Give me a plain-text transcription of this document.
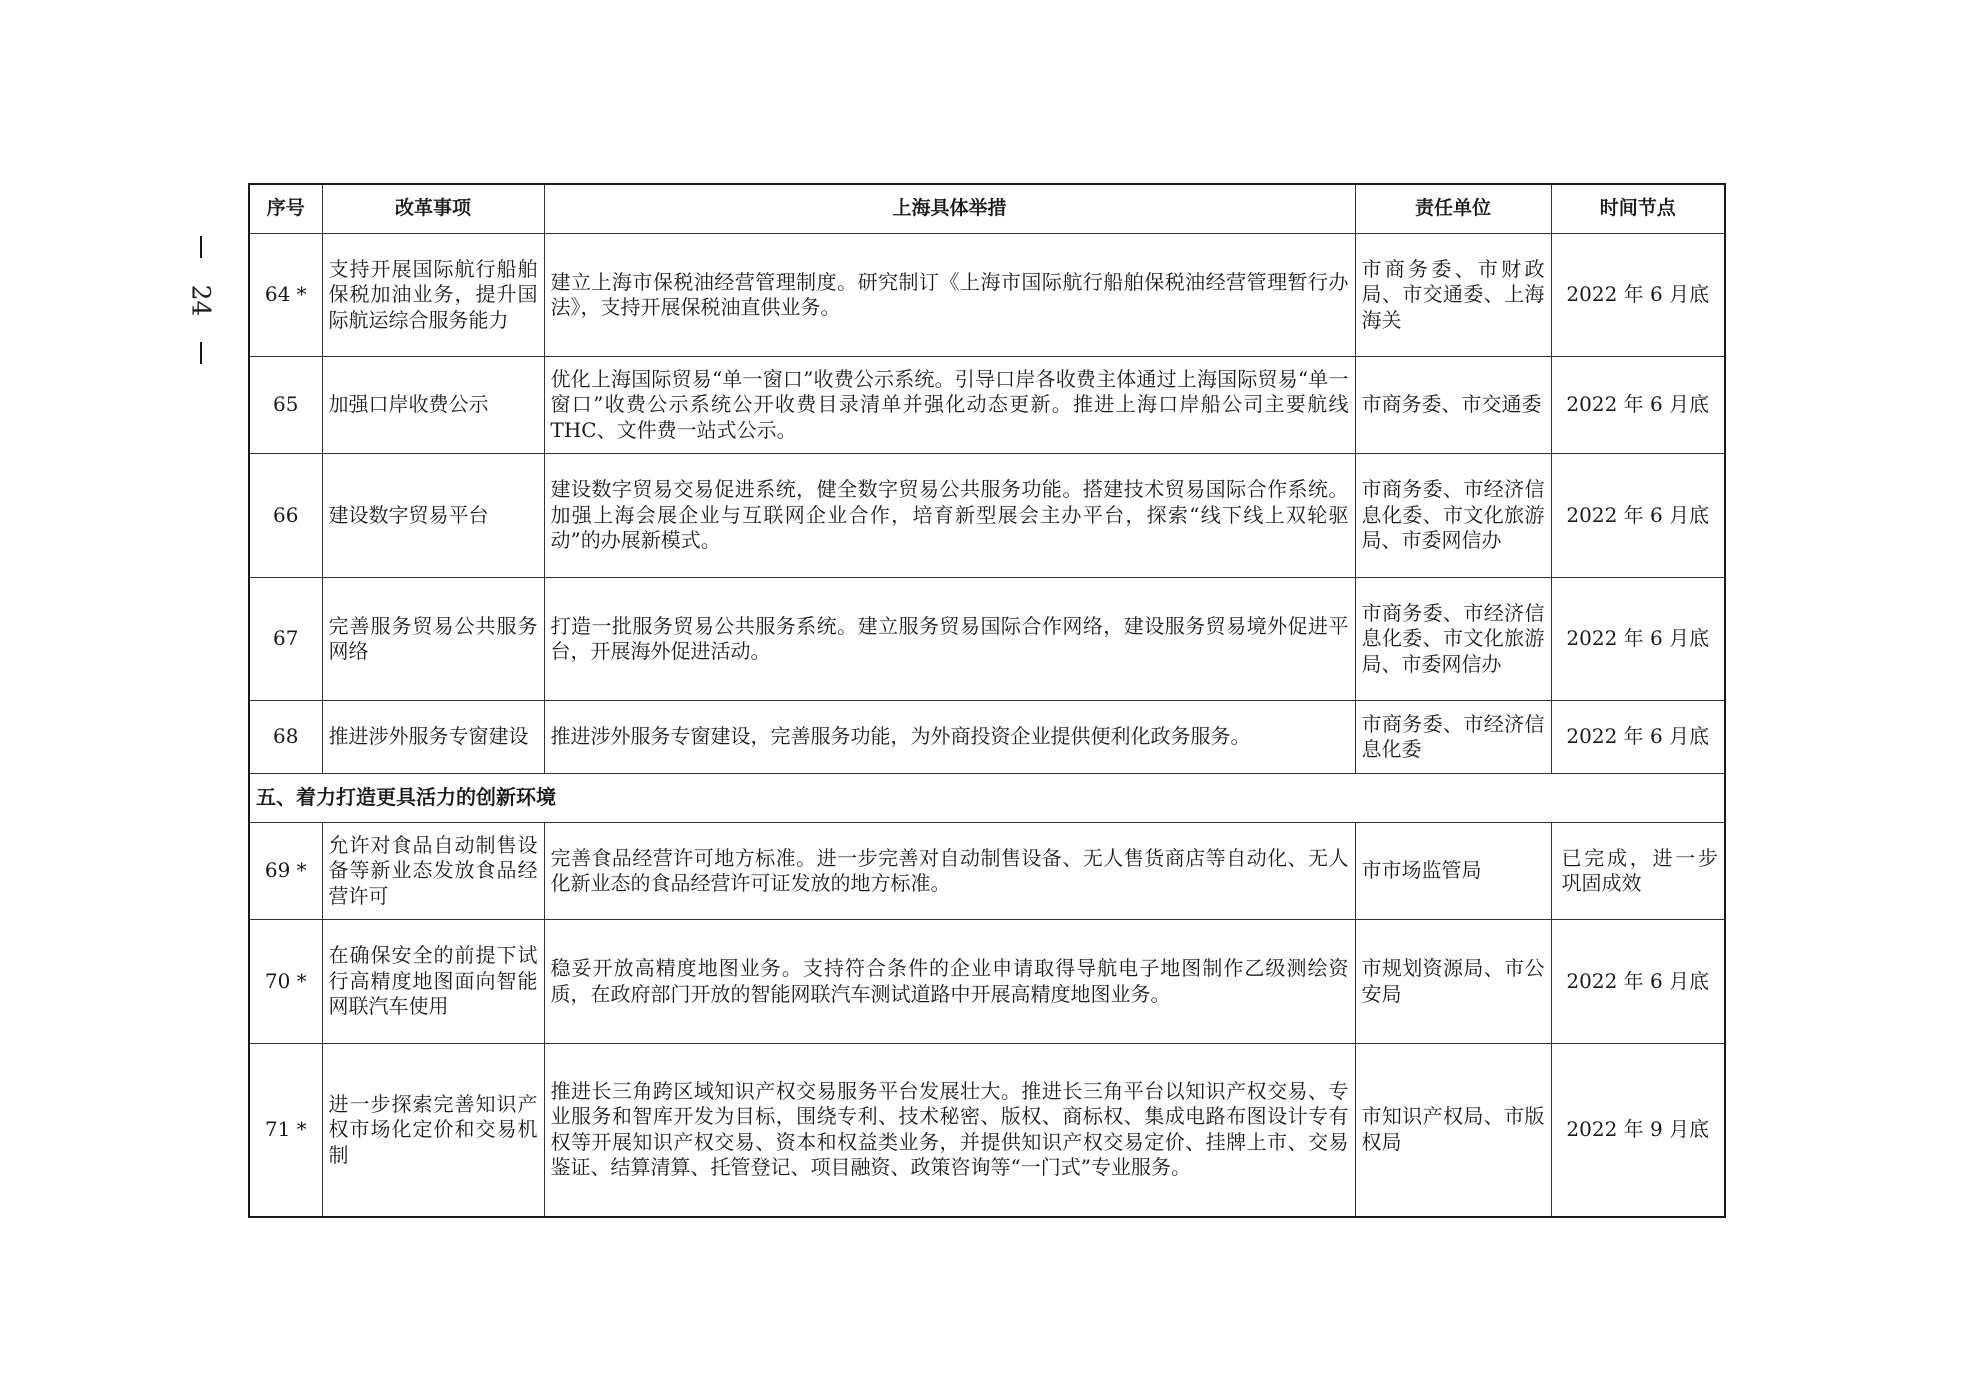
24
序号	改革事项	上海具体举措	责任单位	时间节点
64 *	支持开展国际航行船舶保税加油业务，提升国际航运综合服务能力	建立上海市保税油经营管理制度。研究制订《上海市国际航行船舶保税油经营管理暂行办法》，支持开展保税油直供业务。	市商务委、市财政局、市交通委、上海海关	2022 年 6 月底
65	加强口岸收费公示	优化上海国际贸易“单一窗口”收费公示系统。引导口岸各收费主体通过上海国际贸易“单一窗口”收费公示系统公开收费目录清单并强化动态更新。推进上海口岸船公司主要航线 THC、文件费一站式公示。	市商务委、市交通委	2022 年 6 月底
66	建设数字贸易平台	建设数字贸易交易促进系统，健全数字贸易公共服务功能。搭建技术贸易国际合作系统。加强上海会展企业与互联网企业合作，培育新型展会主办平台，探索“线下线上双轮驱动”的办展新模式。	市商务委、市经济信息化委、市文化旅游局、市委网信办	2022 年 6 月底
67	完善服务贸易公共服务网络	打造一批服务贸易公共服务系统。建立服务贸易国际合作网络，建设服务贸易境外促进平台，开展海外促进活动。	市商务委、市经济信息化委、市文化旅游局、市委网信办	2022 年 6 月底
68	推进涉外服务专窗建设	推进涉外服务专窗建设，完善服务功能，为外商投资企业提供便利化政务服务。	市商务委、市经济信息化委	2022 年 6 月底
五、着力打造更具活力的创新环境				
69 *	允许对食品自动制售设备等新业态发放食品经营许可	完善食品经营许可地方标准。进一步完善对自动制售设备、无人售货商店等自动化、无人化新业态的食品经营许可证发放的地方标准。	市市场监管局	已完成，进一步巩固成效
70 *	在确保安全的前提下试行高精度地图面向智能网联汽车使用	稳妥开放高精度地图业务。支持符合条件的企业申请取得导航电子地图制作乙级测绘资质，在政府部门开放的智能网联汽车测试道路中开展高精度地图业务。	市规划资源局、市公安局	2022 年 6 月底
71 *	进一步探索完善知识产权市场化定价和交易机制	推进长三角跨区域知识产权交易服务平台发展壮大。推进长三角平台以知识产权交易、专业服务和智库开发为目标，围绕专利、技术秘密、版权、商标权、集成电路布图设计专有权等开展知识产权交易、资本和权益类业务，并提供知识产权交易定价、挂牌上市、交易鉴证、结算清算、托管登记、项目融资、政策咨询等“一门式”专业服务。	市知识产权局、市版权局	2022 年 9 月底
